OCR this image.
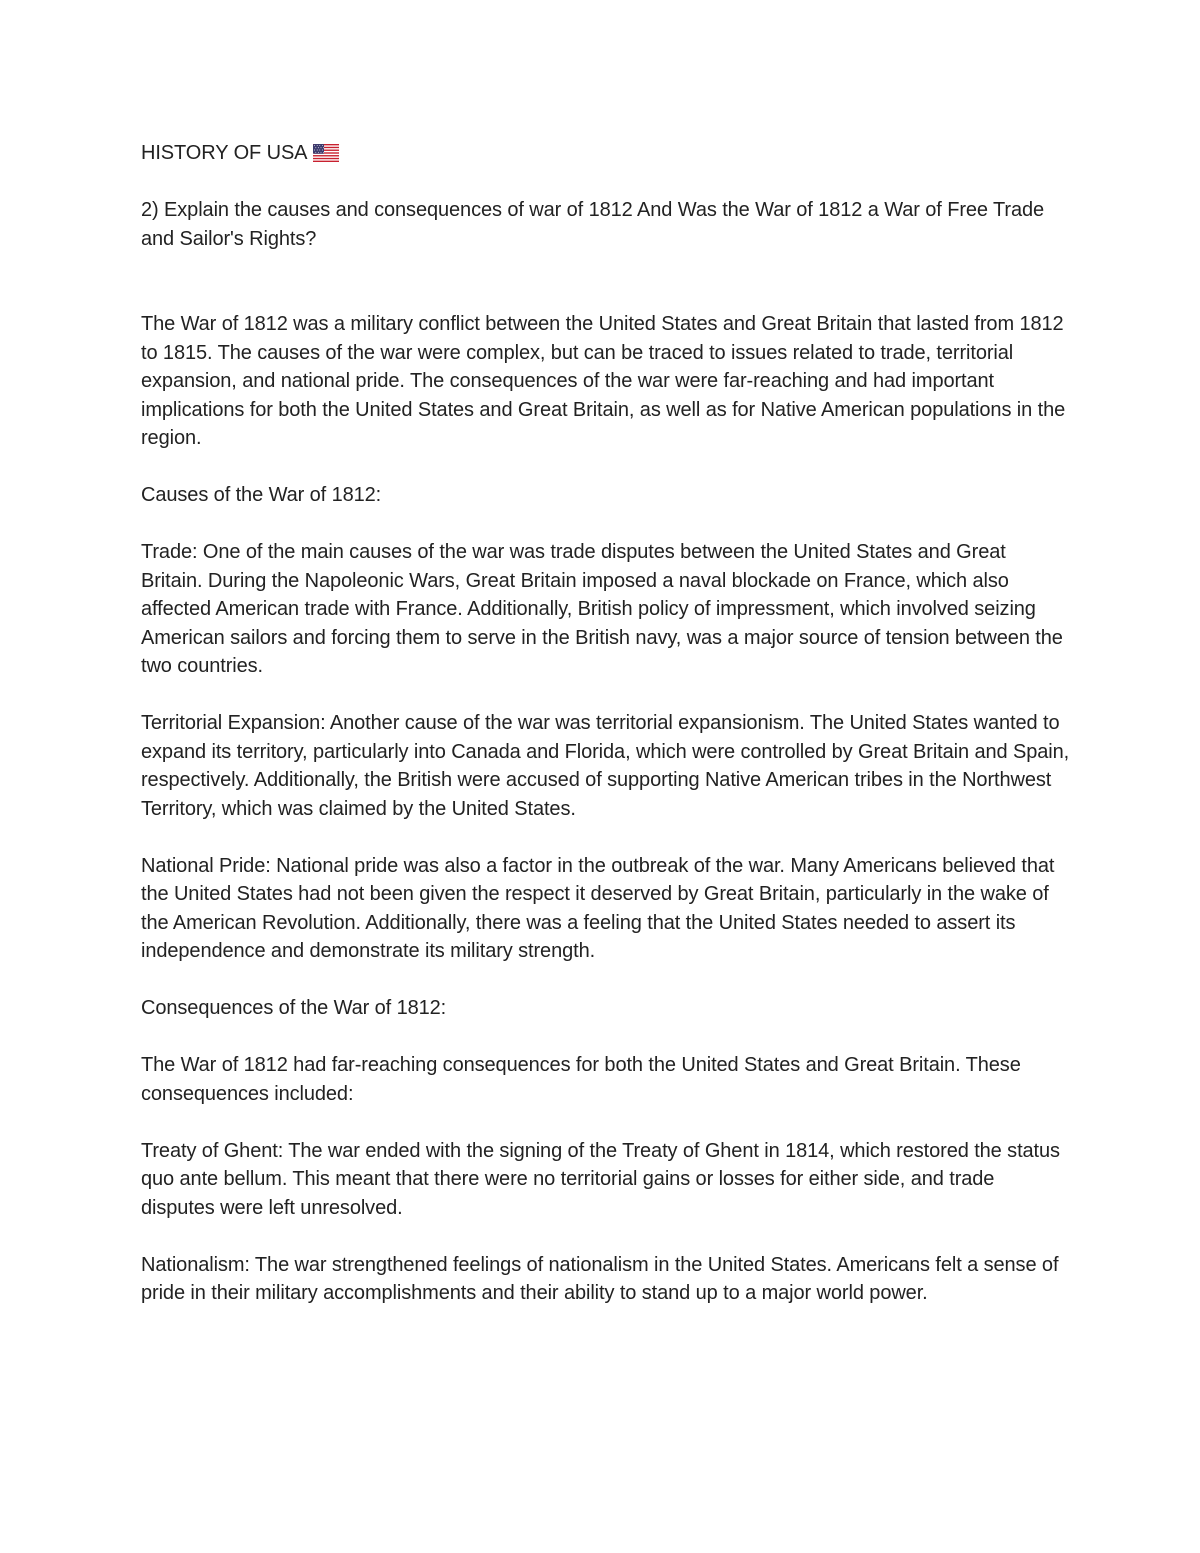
HISTORY OF USA

2) Explain the causes and consequences of war of 1812 And Was the War of 1812 a War of Free Trade and Sailor's Rights?

The War of 1812 was a military conflict between the United States and Great Britain that lasted from 1812 to 1815. The causes of the war were complex, but can be traced to issues related to trade, territorial expansion, and national pride. The consequences of the war were far-reaching and had important implications for both the United States and Great Britain, as well as for Native American populations in the region.

Causes of the War of 1812:

Trade: One of the main causes of the war was trade disputes between the United States and Great Britain. During the Napoleonic Wars, Great Britain imposed a naval blockade on France, which also affected American trade with France. Additionally, British policy of impressment, which involved seizing American sailors and forcing them to serve in the British navy, was a major source of tension between the two countries.

Territorial Expansion: Another cause of the war was territorial expansionism. The United States wanted to expand its territory, particularly into Canada and Florida, which were controlled by Great Britain and Spain, respectively. Additionally, the British were accused of supporting Native American tribes in the Northwest Territory, which was claimed by the United States.

National Pride: National pride was also a factor in the outbreak of the war. Many Americans believed that the United States had not been given the respect it deserved by Great Britain, particularly in the wake of the American Revolution. Additionally, there was a feeling that the United States needed to assert its independence and demonstrate its military strength.

Consequences of the War of 1812:

The War of 1812 had far-reaching consequences for both the United States and Great Britain. These consequences included:

Treaty of Ghent: The war ended with the signing of the Treaty of Ghent in 1814, which restored the status quo ante bellum. This meant that there were no territorial gains or losses for either side, and trade disputes were left unresolved.

Nationalism: The war strengthened feelings of nationalism in the United States. Americans felt a sense of pride in their military accomplishments and their ability to stand up to a major world power.
